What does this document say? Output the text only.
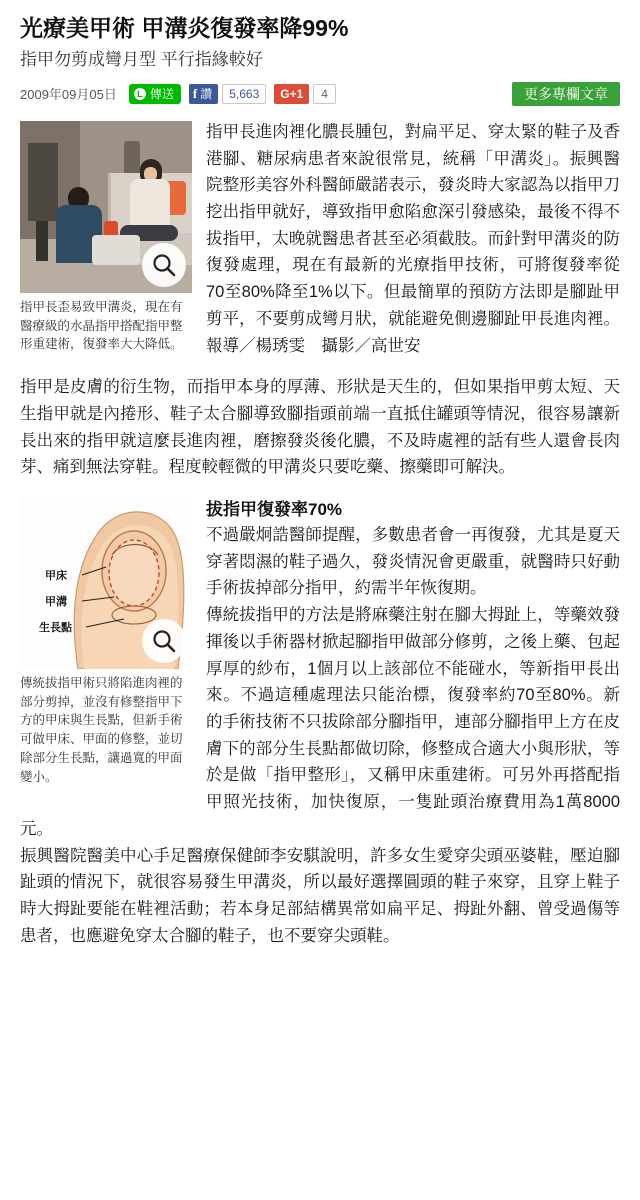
光療美甲術 甲溝炎復發率降99%
指甲勿剪成彎月型 平行指緣較好
2009年09月05日	L 傳送 f 讚	5,663	G+1	4	更多專欄文章
指甲長歪易致甲溝炎，現在有醫療級的水晶指甲搭配指甲整形重建術，復發率大大降低。

指甲長進肉裡化膿長腫包，對扁平足、穿太緊的鞋子及香港腳、糖尿病患者來說很常見，統稱「甲溝炎」。振興醫院整形美容外科醫師嚴諾表示，發炎時大家認為以指甲刀挖出指甲就好，導致指甲愈陷愈深引發感染，最後不得不拔指甲，太晚就醫患者甚至必須截肢。而針對甲溝炎的防復發處理，現在有最新的光療指甲技術，可將復發率從70至80%降至1%以下。但最簡單的預防方法即是腳趾甲剪平，不要剪成彎月狀，就能避免側邊腳趾甲長進肉裡。報導／楊琇雯　攝影／高世安

指甲是皮膚的衍生物，而指甲本身的厚薄、形狀是天生的，但如果指甲剪太短、天生指甲就是內捲形、鞋子太合腳導致腳指頭前端一直抵住罐頭等情況，很容易讓新長出來的指甲就這麼長進肉裡，磨擦發炎後化膿，不及時處裡的話有些人還會長肉芽、痛到無法穿鞋。程度較輕微的甲溝炎只要吃藥、擦藥即可解決。

甲床
甲溝
生長點
傳統拔指甲術只將陷進肉裡的部分剪掉，並沒有修整指甲下方的甲床與生長點，但新手術可做甲床、甲面的修整，並切除部分生長點，讓過寬的甲面變小。
拔指甲復發率70%

不過嚴炯誥醫師提醒，多數患者會一再復發，尤其是夏天穿著悶濕的鞋子過久，發炎情況會更嚴重，就醫時只好動手術拔掉部分指甲，約需半年恢復期。

傳統拔指甲的方法是將麻藥注射在腳大拇趾上，等藥效發揮後以手術器材掀起腳指甲做部分修剪，之後上藥、包起厚厚的紗布，1個月以上該部位不能碰水，等新指甲長出來。不過這種處理法只能治標，復發率約70至80%。新的手術技術不只拔除部分腳指甲，連部分腳指甲上方在皮膚下的部分生長點都做切除，修整成合適大小與形狀，等於是做「指甲整形」，又稱甲床重建術。可另外再搭配指甲照光技術，加快復原，一隻趾頭治療費用為1萬8000元。

振興醫院醫美中心手足醫療保健師李安騏說明，許多女生愛穿尖頭巫婆鞋，壓迫腳趾頭的情況下，就很容易發生甲溝炎，所以最好選擇圓頭的鞋子來穿，且穿上鞋子時大拇趾要能在鞋裡活動；若本身足部結構異常如扁平足、拇趾外翻、曾受過傷等患者，也應避免穿太合腳的鞋子，也不要穿尖頭鞋。
